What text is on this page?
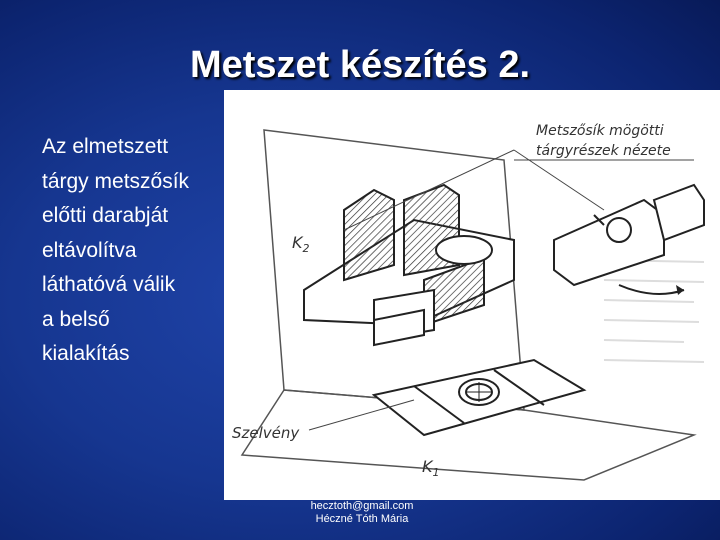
Metszet készítés 2.
Az elmetszett
tárgy metszősík
előtti darabját
eltávolítva
láthatóvá válik
a belső
kialakítás
Metszősík mögötti
tárgyrészek nézete
$K_2$
$K_1$
Szelvény
hecztoth@gmail.com
Héczné Tóth Mária
